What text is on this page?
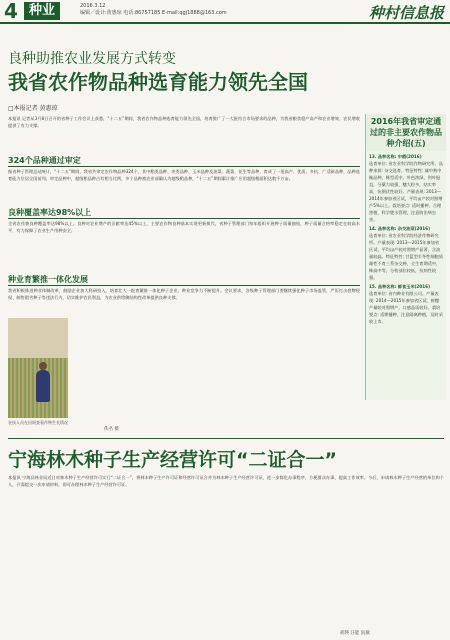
4 种业	2016.3.12
编辑／设计:黄惠琼 电话:86757185 E-mail:qgj1888@163.com	种村信息报
良种助推农业发展方式转变
我省农作物品种选育能力领先全国
□本报记者 黄惠琼
本报讯 记者从3月8日召开的省种子工作会议上获悉，“十二五”期间，我省农作物品种选育能力领先全国，培育推广了一大批符合市场要求的品种，为我省粮食稳产高产和农业增效、农民增收提供了有力支撑。
324个品种通过审定
据省种子管理总站统计，“十二五”期间，我省共审定农作物品种324个，其中稻类品种、麦类品种、玉米品种及油菜、蔬菜、花生等品种，育成了一批高产、优质、多抗、广适新品种，品种选育能力位居全国前列。审定品种中，超级稻品种占有相当比例，多个品种被农业部确认为超级稻品种，“十二五”期间累计推广应用超级稻面积达数千万亩。
良种覆盖率达98%以上
全省农作物良种覆盖率达98%以上。良种对农业增产的贡献率达45%以上，主要农作物良种基本实现更新换代。省种子管理部门每年组织开展种子质量抽检，种子质量合格率稳定在较高水平，有力保障了农业生产用种安全。
种业育繁推一体化发展
我省积极推进种业体制改革，鼓励企业加大科研投入，培育壮大一批育繁推一体化种子企业，种业竞争力不断提升。会议要求，各级种子管理部门要继续强化种子市场监管，严厉打击套牌侵权、制售假劣种子等违法行为，切实维护农民利益，为农业供给侧结构性改革提供良种支撑。
农技人员在田间查看作物生长情况
佚名 摄
2016年我省审定通过的非主要农作物品种介绍(五)
13. 品种名称: 中稻(2016)
选育单位: 省农业科学院作物研究所。品种来源: 杂交选育。特征特性: 属中熟中籼品种，株型适中，叶色浓绿，剑叶挺直，分蘖力较强，穗大粒多，结实率高，抗倒伏性较好。产量表现: 2013—2014年参加省区试，平均亩产较对照增产5%以上。栽培要点: 适时播种，合理密植，科学肥水管理，注意防治病虫害。
14. 品种名称: 杂交油菜(2016)
选育单位: 省农业科学院经济作物研究所。产量表现: 2013—2015年参加省区试，平均亩产较对照增产显著，含油量较高。特征特性: 甘蓝型半冬性细胞质雄性不育三系杂交种，全生育期适中，株高中等，分枝部位较低，抗病性较强。
15. 品种名称: 鲜食玉米(2016)
选育单位: 省内种业有限公司。产量表现: 2014—2015年参加省区试，鲜穗产量较对照增产，口感品质较好。栽培要点: 适期播种，注意隔离种植，及时采收上市。
宁海林木种子生产经营许可“二证合一”
本报讯 宁海县林业局近日对林木种子生产经营许可实行“二证合一”，将林木种子生产许可证和经营许可证合并为林木种子生产经营许可证，进一步简化办事程序，方便群众办事，提高工作效率。今后，申请林木种子生产经营的单位和个人，只需提交一次申请材料，即可办理林木种子生产经营许可证。
胡瑛 汪能 阮敏
